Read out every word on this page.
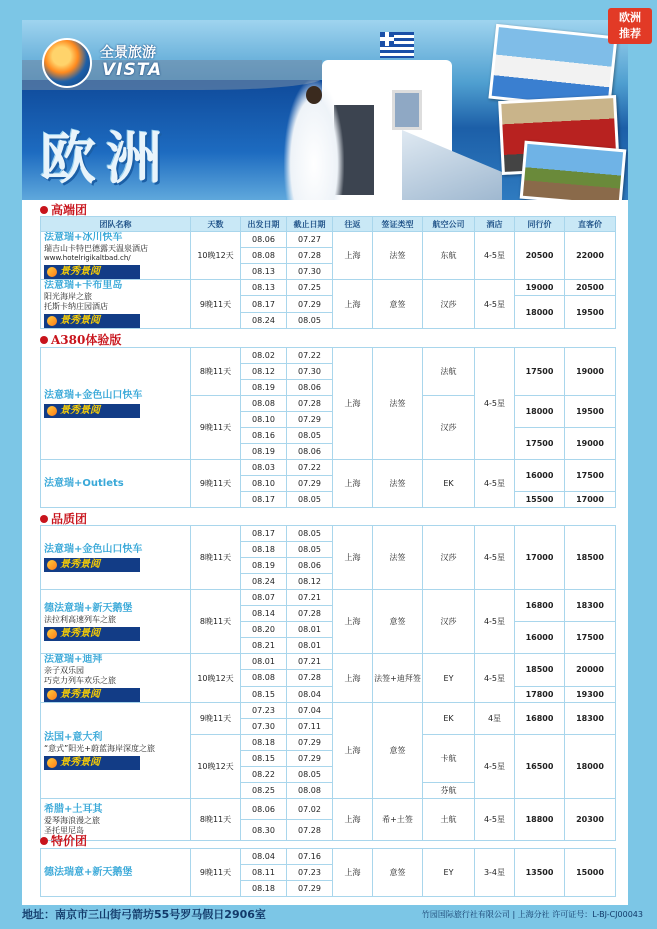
全景旅游
VISTA
欧洲
高端团
团队名称	天数	出发日期	截止日期	往返	签证类型	航空公司	酒店	同行价	直客价

法意瑞+冰川快车
瑞吉山卡特巴德露天温泉酒店
www.hotelrigikaltbad.ch/
景秀景阅	10晚12天	08.06	07.27	上海	法签	东航	4-5星	20500	22000
		08.08	07.28						
		08.13	07.30						

法意瑞+卡布里岛
阳光海岸之旅
托斯卡纳庄园酒店
景秀景阅	9晚11天	08.13	07.25	上海	意签	汉莎	4-5星	19000	20500
		08.17	07.29					18000	19500
		08.24	08.05						
A380体验版
法意瑞+金色山口快车
景秀景阅	8晚11天	08.02	07.22	上海	法签	法航	4-5星	17500	19000
		08.12	07.30						
		08.19	08.06						
	9晚11天	08.08	07.28			汉莎		18000	19500
		08.10	07.29						
		08.16	08.05					17500	19000
		08.19	08.06						

法意瑞+Outlets	9晚11天	08.03	07.22	上海	法签	EK	4-5星	16000	17500
		08.10	07.29						
		08.17	08.05					15500	17000
品质团
法意瑞+金色山口快车
景秀景阅	8晚11天	08.17	08.05	上海	法签	汉莎	4-5星	17000	18500
		08.18	08.05						
		08.19	08.06						
		08.24	08.12						

德法意瑞+新天鹅堡
法拉利高速列车之旅
景秀景阅	8晚11天	08.07	07.21	上海	意签	汉莎	4-5星	16800	18300
		08.14	07.28						
		08.20	08.01					16000	17500
		08.21	08.01						

法意瑞+迪拜
亲子双乐园
巧克力列车欢乐之旅
景秀景阅	10晚12天	08.01	07.21	上海	法签+迪拜签	EY	4-5星	18500	20000
		08.08	07.28						
		08.15	08.04					17800	19300

法国+意大利
“意式”阳光+蔚蓝海岸深度之旅
景秀景阅	9晚11天	07.23	07.04	上海	意签	EK	4星	16800	18300
		07.30	07.11						
	10晚12天	08.18	07.29			卡航	4-5星	16500	18000
		08.15	07.29						
		08.22	08.05						
		08.25	08.08			芬航			

希腊+土耳其
爱琴海浪漫之旅
圣托里尼岛	8晚11天	08.06	07.02	上海	希+土签	土航	4-5星	18800	20300
		08.30	07.28						
特价团
德法瑞意+新天鹅堡	9晚11天	08.04	07.16	上海	意签	EY	3-4星	13500	15000
		08.11	07.23						
		08.18	07.29						
欧洲
推荐
地址：南京市三山街弓箭坊55号罗马假日2906室	竹园国际旅行社有限公司 | 上海分社 许可证号：L-BJ-CJ00043
